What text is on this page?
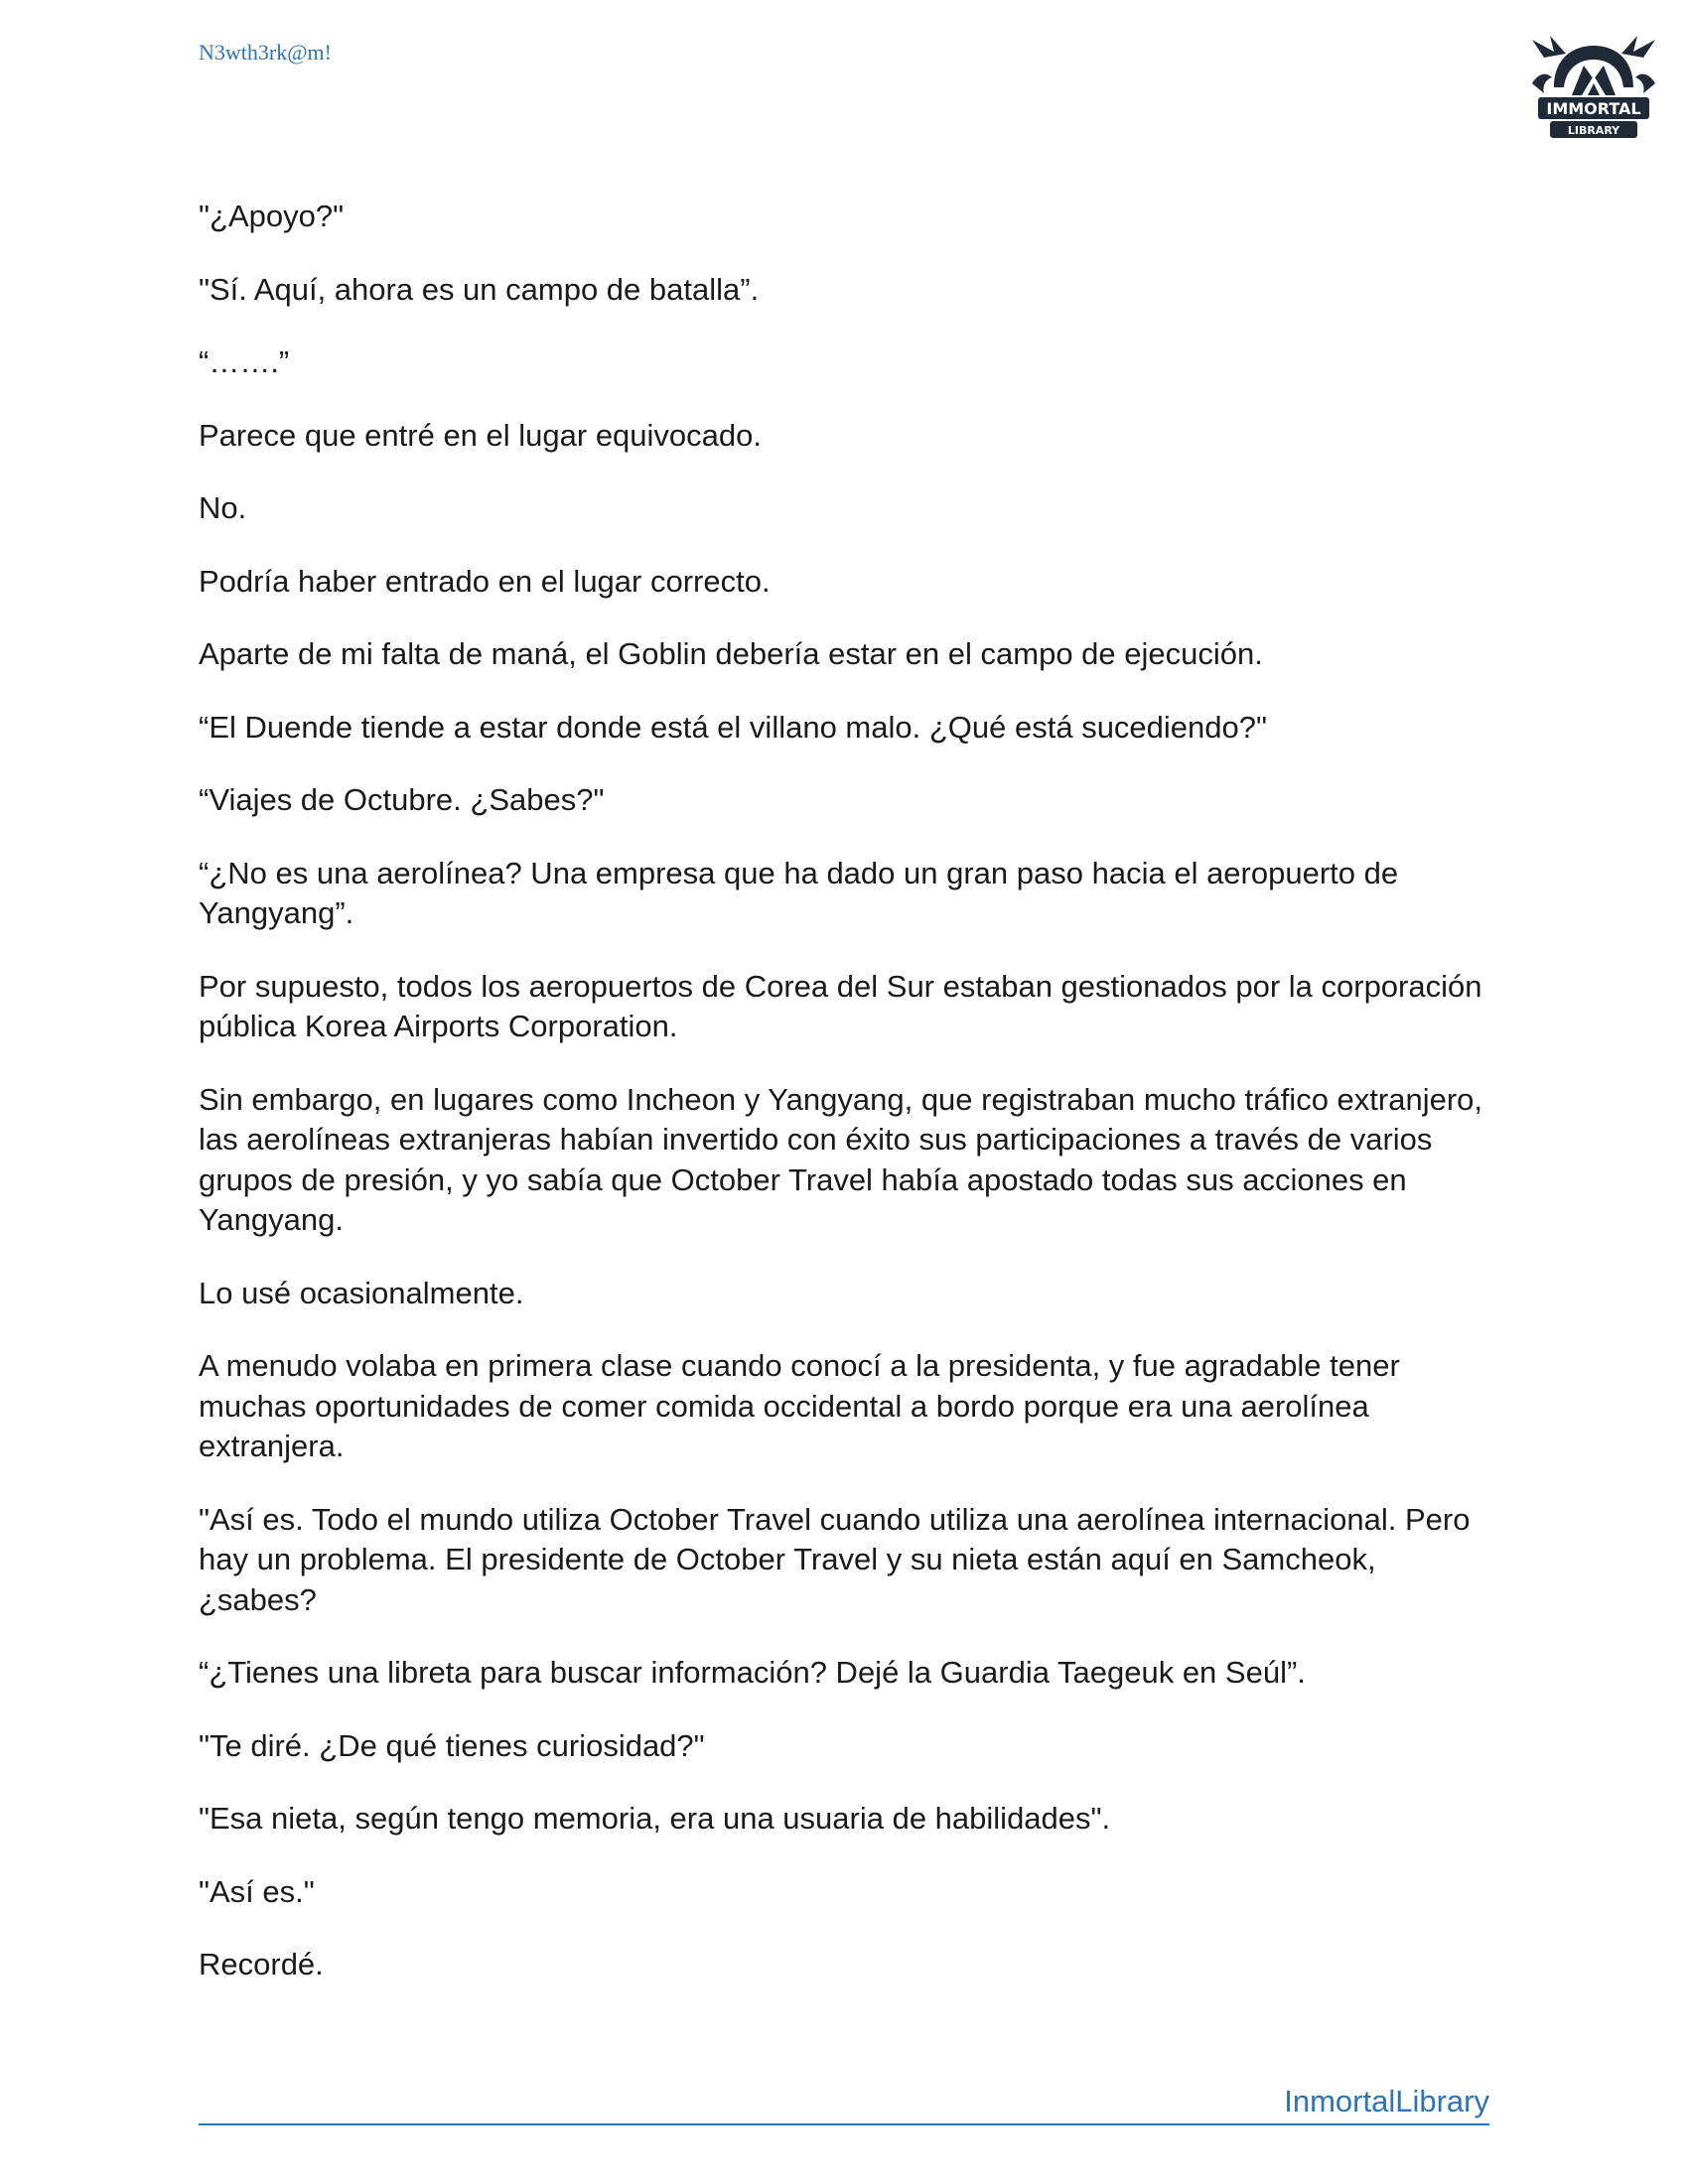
N3wth3rk@m!
IMMORTAL
LIBRARY

"¿Apoyo?"

"Sí. Aquí, ahora es un campo de batalla”.

“…….”

Parece que entré en el lugar equivocado.

No.

Podría haber entrado en el lugar correcto.

Aparte de mi falta de maná, el Goblin debería estar en el campo de ejecución.

“El Duende tiende a estar donde está el villano malo. ¿Qué está sucediendo?"

“Viajes de Octubre. ¿Sabes?"

“¿No es una aerolínea? Una empresa que ha dado un gran paso hacia el aeropuerto de Yangyang”.

Por supuesto, todos los aeropuertos de Corea del Sur estaban gestionados por la corporación pública Korea Airports Corporation.

Sin embargo, en lugares como Incheon y Yangyang, que registraban mucho tráfico extranjero, las aerolíneas extranjeras habían invertido con éxito sus participaciones a través de varios grupos de presión, y yo sabía que October Travel había apostado todas sus acciones en Yangyang.

Lo usé ocasionalmente.

A menudo volaba en primera clase cuando conocí a la presidenta, y fue agradable tener muchas oportunidades de comer comida occidental a bordo porque era una aerolínea extranjera.

"Así es. Todo el mundo utiliza October Travel cuando utiliza una aerolínea internacional. Pero hay un problema. El presidente de October Travel y su nieta están aquí en Samcheok, ¿sabes?

“¿Tienes una libreta para buscar información? Dejé la Guardia Taegeuk en Seúl”.

"Te diré. ¿De qué tienes curiosidad?"

"Esa nieta, según tengo memoria, era una usuaria de habilidades".

"Así es."

Recordé.

InmortalLibrary
